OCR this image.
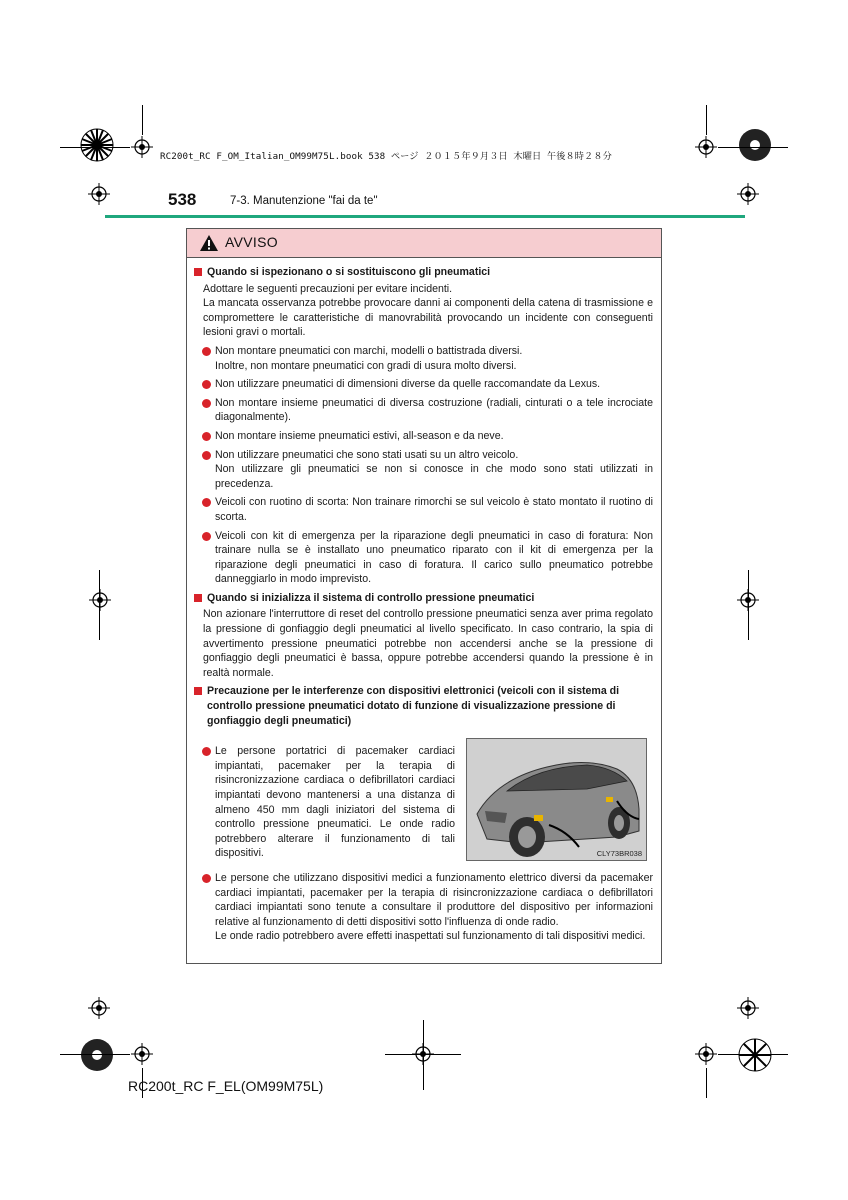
RC200t_RC F_OM_Italian_OM99M75L.book 538 ページ ２０１５年９月３日 木曜日 午後８時２８分
538	7-3. Manutenzione "fai da te"
AVVISO
Quando si ispezionano o si sostituiscono gli pneumatici
Adottare le seguenti precauzioni per evitare incidenti.
La mancata osservanza potrebbe provocare danni ai componenti della catena di trasmissione e compromettere le caratteristiche di manovrabilità provocando un incidente con conseguenti lesioni gravi o mortali.

Non montare pneumatici con marchi, modelli o battistrada diversi.

Inoltre, non montare pneumatici con gradi di usura molto diversi.

Non utilizzare pneumatici di dimensioni diverse da quelle raccomandate da Lexus.

Non montare insieme pneumatici di diversa costruzione (radiali, cinturati o a tele incrociate diagonalmente).

Non montare insieme pneumatici estivi, all-season e da neve.

Non utilizzare pneumatici che sono stati usati su un altro veicolo.

Non utilizzare gli pneumatici se non si conosce in che modo sono stati utilizzati in precedenza.

Veicoli con ruotino di scorta: Non trainare rimorchi se sul veicolo è stato montato il ruotino di scorta.

Veicoli con kit di emergenza per la riparazione degli pneumatici in caso di foratura: Non trainare nulla se è installato uno pneumatico riparato con il kit di emergenza per la riparazione degli pneumatici in caso di foratura. Il carico sullo pneumatico potrebbe danneggiarlo in modo imprevisto.

Quando si inizializza il sistema di controllo pressione pneumatici
Non azionare l'interruttore di reset del controllo pressione pneumatici senza aver prima regolato la pressione di gonfiaggio degli pneumatici al livello specificato. In caso contrario, la spia di avvertimento pressione pneumatici potrebbe non accendersi anche se la pressione di gonfiaggio degli pneumatici è bassa, oppure potrebbe accendersi quando la pressione è in realtà normale.
Precauzione per le interferenze con dispositivi elettronici (veicoli con il sistema di controllo pressione pneumatici dotato di funzione di visualizzazione pressione di gonfiaggio degli pneumatici)

Le persone portatrici di pacemaker cardiaci impiantati, pacemaker per la terapia di risincronizzazione cardiaca o defibrillatori cardiaci impiantati devono mantenersi a una distanza di almeno 450 mm dagli iniziatori del sistema di controllo pressione pneumatici. Le onde radio potrebbero alterare il funzionamento di tali dispositivi.

Le persone che utilizzano dispositivi medici a funzionamento elettrico diversi da pacemaker cardiaci impiantati, pacemaker per la terapia di risincronizzazione cardiaca o defibrillatori cardiaci impiantati sono tenute a consultare il produttore del dispositivo per informazioni relative al funzionamento di detti dispositivi sotto l'influenza di onde radio.

Le onde radio potrebbero avere effetti inaspettati sul funzionamento di tali dispositivi medici.

CLY73BR038
RC200t_RC F_EL(OM99M75L)
